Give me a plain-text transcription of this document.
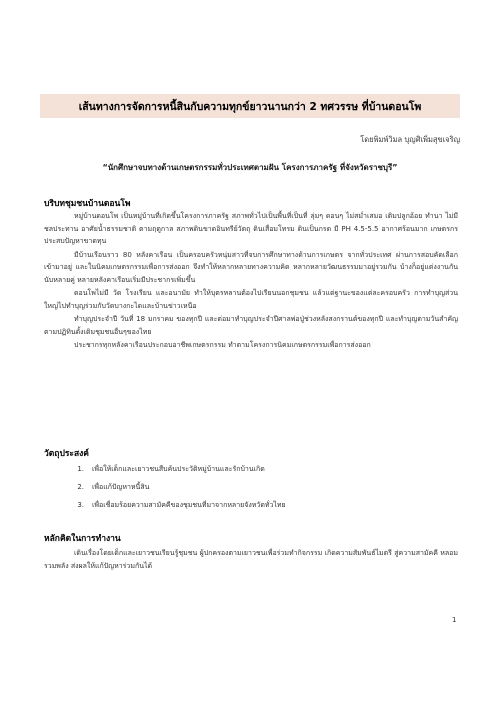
เส้นทางการจัดการหนี้สินกับความทุกข์ยาวนานกว่า 2 ทศวรรษ ที่บ้านดอนโพ
โดยพิมพ์วิมล บุญศิเพิ่มสุขเจริญ
“นักศึกษาจบทางด้านเกษตรกรรมทั่วประเทศตามฝัน โครงการภาครัฐ ที่จังหวัดราชบุรี”
บริบทชุมชนบ้านดอนโพ

หมู่บ้านดอนโพ เป็นหมู่บ้านที่เกิดขึ้นโครงการภาครัฐ สภาพทั่วไปเป็นพื้นที่เป็นที่ ลุ่มๆ ดอนๆ ไม่สม่ำเสมอ เติมปลูกอ้อย ทำนา ไม่มีชลประทาน อาศัยน้ำธรรมชาติ ตามฤดูกาล สภาพดินขาดอินทรีย์วัตถุ ดินเสื่อมโทรม ดินเป็นกรด มี PH 4.5-5.5 อากาศร้อนมาก เกษตรกรประสบปัญหาขาดทุน

มีบ้านเรือนราว 80 หลังคาเรือน เป็นครอบครัวหนุ่มสาวที่จบการศึกษาทางด้านการเกษตร จากทั่วประเทศ ผ่านการสอบคัดเลือกเข้ามาอยู่ และในนิคมเกษตรกรรมเพื่อการส่งออก จึงทำให้หลากหลายทางความคิด หลากหลายวัฒนธรรมมาอยู่รวมกัน บ้างก็อยู่แต่งงานกัน นับหลายคู่ หลายหลังคาเรือนเริ่มมีประชากรเพิ่มขึ้น

ดอนโพไม่มี วัด โรงเรียน และอนามัย ทำให้บุตรหลานต้องไปเรียนนอกชุมชน แล้วแต่ฐานะของแต่ละครอบครัว การทำบุญส่วนใหญ่ไปทำบุญร่วมกับวัดบางกะไดและบ้านข่าวเหนือ

ทำบุญประจำปี วันที่ 18 มกราคม ของทุกปี และต่อมาทำบุญประจำปีศาลพ่อปู่ช่วงหลังสงกรานต์ของทุกปี และทำบุญตามวันสำคัญตามปฏิทินดั้งเดิมชุมชนอื่นๆของไทย

ประชากรทุกหลังคาเรือนประกอบอาชีพเกษตรกรรม ทำตามโครงการนิคมเกษตรกรรมเพื่อการส่งออก

วัตถุประสงค์
1.	เพื่อให้เด็กและเยาวชนสืบค้นประวัติหมู่บ้านและรักบ้านเกิด
2.	เพื่อแก้ปัญหาหนี้สิน
3.	เพื่อเชื่อมร้อยความสามัคคีของชุมชนที่มาจากหลายจังหวัดทั่วไทย
หลักคิดในการทำงาน

เดินเรื่องโดยเด็กและเยาวชนเรียนรู้ชุมชน ผู้ปกครองตามเยาวชนเพื่อร่วมทำกิจกรรม เกิดความสัมพันธ์ไมตรี สู่ความสามัคคี หลอมรวมพลัง ส่งผลให้แก้ปัญหาร่วมกันได้

1
